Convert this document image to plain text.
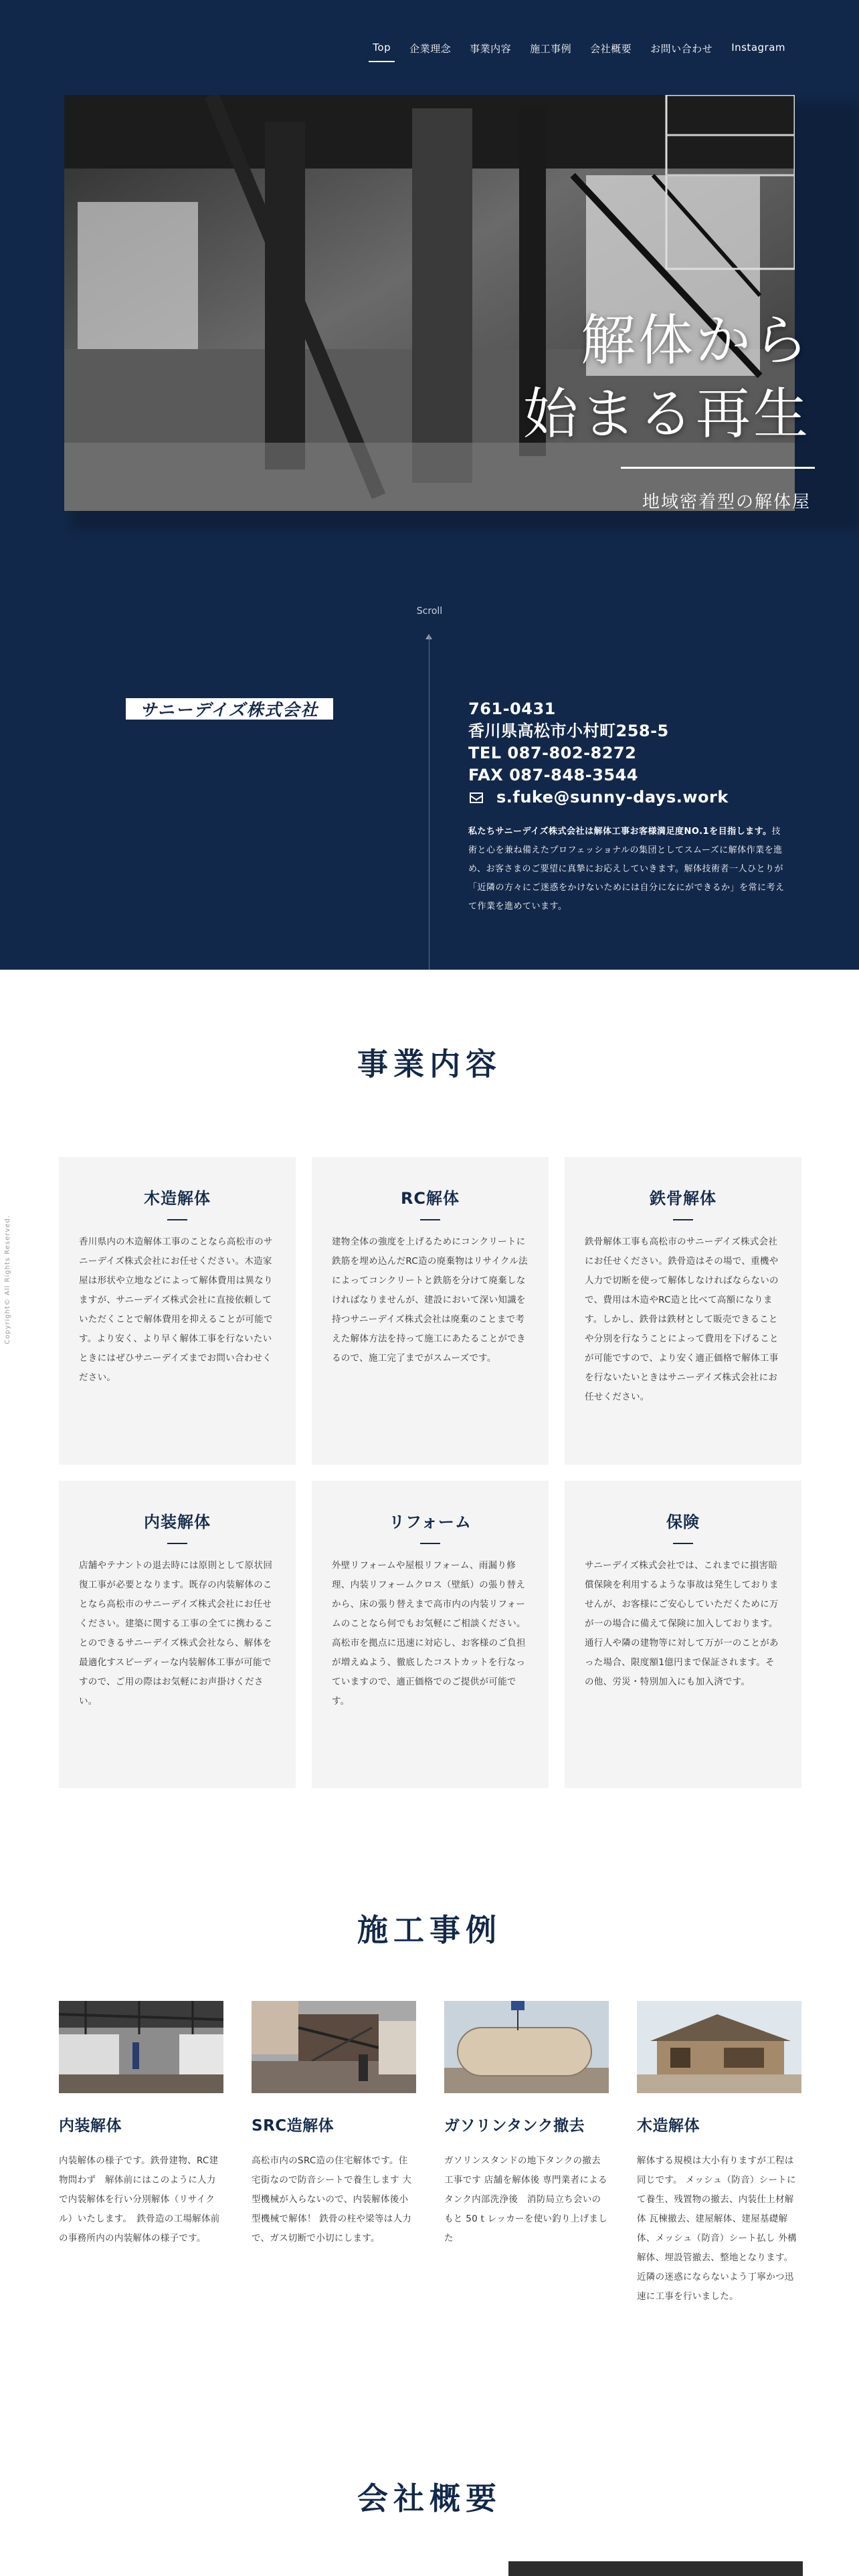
Top	企業理念	事業内容	施工事例	会社概要	お問い合わせ	Instagram
解体から
始まる再生
地域密着型の解体屋
Scroll
サニーデイズ株式会社	761-0431
香川県高松市小村町258-5
TEL 087-802-8272
FAX 087-848-3544
s.fuke@sunny-days.work
私たちサニーデイズ株式会社は解体工事お客様満足度NO.1を目指します。技術と心を兼ね備えたプロフェッショナルの集団としてスムーズに解体作業を進め、お客さまのご要望に真摯にお応えしていきます。解体技術者一人ひとりが「近隣の方々にご迷惑をかけないためには自分になにができるか」を常に考えて作業を進めています。
Copyright© All Rights Reserved.
事業内容
木造解体

香川県内の木造解体工事のことなら高松市のサニーデイズ株式会社にお任せください。木造家屋は形状や立地などによって解体費用は異なりますが、サニーデイズ株式会社に直接依頼していただくことで解体費用を抑えることが可能です。より安く、より早く解体工事を行ないたいときにはぜひサニーデイズまでお問い合わせください。

RC解体

建物全体の強度を上げるためにコンクリートに鉄筋を埋め込んだRC造の廃棄物はリサイクル法によってコンクリートと鉄筋を分けて廃棄しなければなりませんが、建設において深い知識を持つサニーデイズ株式会社は廃棄のことまで考えた解体方法を持って施工にあたることができるので、施工完了までがスムーズです。

鉄骨解体

鉄骨解体工事も高松市のサニーデイズ株式会社にお任せください。鉄骨造はその場で、重機や人力で切断を使って解体しなければならないので、費用は木造やRC造と比べて高額になります。しかし、鉄骨は鉄材として販売できることや分別を行なうことによって費用を下げることが可能ですので、より安く適正価格で解体工事を行ないたいときはサニーデイズ株式会社にお任せください。

内装解体

店舗やテナントの退去時には原則として原状回復工事が必要となります。既存の内装解体のことなら高松市のサニーデイズ株式会社にお任せください。建築に関する工事の全てに携わることのできるサニーデイズ株式会社なら、解体を最適化すスピーディーな内装解体工事が可能ですので、ご用の際はお気軽にお声掛けください。

リフォーム

外壁リフォームや屋根リフォーム、雨漏り修理、内装リフォームクロス（壁紙）の張り替えから、床の張り替えまで高市内の内装リフォームのことなら何でもお気軽にご相談ください。高松市を拠点に迅速に対応し、お客様のご負担が増えぬよう、徹底したコストカットを行なっていますので、適正価格でのご提供が可能です。

保険

サニーデイズ株式会社では、これまでに損害賠償保険を利用するような事故は発生しておりませんが、お客様にご安心していただくために万が一の場合に備えて保険に加入しております。通行人や隣の建物等に対して万が一のことがあった場合、限度額1億円まで保証されます。その他、労災・特別加入にも加入済です。

施工事例
内装解体

内装解体の様子です。鉄骨建物、RC建物問わず　解体前にはこのように人力で内装解体を行い分別解体（リサイクル）いたします。　鉄骨造の工場解体前の事務所内の内装解体の様子です。

SRC造解体

高松市内のSRC造の住宅解体です。住宅街なので防音シートで養生します 大型機械が入らないので、内装解体後小型機械で解体！ 鉄骨の柱や梁等は人力で、ガス切断で小切にします。

ガソリンタンク撤去

ガソリンスタンドの地下タンクの撤去工事です 店舗を解体後 専門業者によるタンク内部洗浄後　消防局立ち会いのもと 50 t レッカーを使い釣り上げました

木造解体

解体する規模は大小有りますが工程は同じです。 メッシュ（防音）シートにて養生、残置物の撤去、内装仕上材解体 瓦棟撤去、建屋解体、建屋基礎解体、メッシュ（防音）シート払し 外構解体、埋設管撤去、整地となります。 近隣の迷惑にならないよう丁寧かつ迅速に工事を行いました。

会社概要
